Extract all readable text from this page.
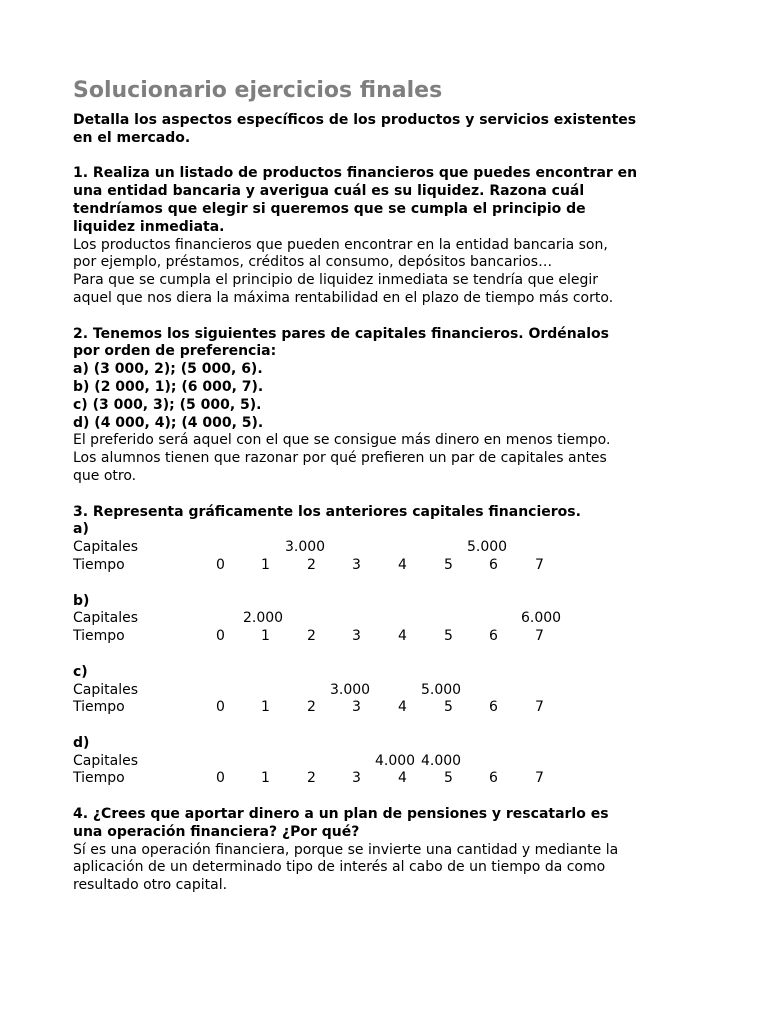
Solucionario ejercicios finales

Detalla los aspectos específicos de los productos y servicios existentes

en el mercado.

1. Realiza un listado de productos financieros que puedes encontrar en

una entidad bancaria y averigua cuál es su liquidez. Razona cuál

tendríamos que elegir si queremos que se cumpla el principio de

liquidez inmediata.

Los productos financieros que pueden encontrar en la entidad bancaria son,

por ejemplo, préstamos, créditos al consumo, depósitos bancarios…

Para que se cumpla el principio de liquidez inmediata se tendría que elegir

aquel que nos diera la máxima rentabilidad en el plazo de tiempo más corto.

2. Tenemos los siguientes pares de capitales financieros. Ordénalos

por orden de preferencia:

a) (3 000, 2); (5 000, 6).

b) (2 000, 1); (6 000, 7).

c) (3 000, 3); (5 000, 5).

d) (4 000, 4); (4 000, 5).

El preferido será aquel con el que se consigue más dinero en menos tiempo.

Los alumnos tienen que razonar por qué prefieren un par de capitales antes

que otro.

3. Representa gráficamente los anteriores capitales financieros.

a)

Capitales	3.000	5.000
Tiempo	0	1	2	3	4	5	6	7

b)

Capitales	2.000	6.000
Tiempo	0	1	2	3	4	5	6	7

c)

Capitales	3.000	5.000
Tiempo	0	1	2	3	4	5	6	7

d)

Capitales	4.000 4.000
Tiempo	0	1	2	3	4	5	6	7

4. ¿Crees que aportar dinero a un plan de pensiones y rescatarlo es

una operación financiera? ¿Por qué?

Sí es una operación financiera, porque se invierte una cantidad y mediante la

aplicación de un determinado tipo de interés al cabo de un tiempo da como

resultado otro capital.
